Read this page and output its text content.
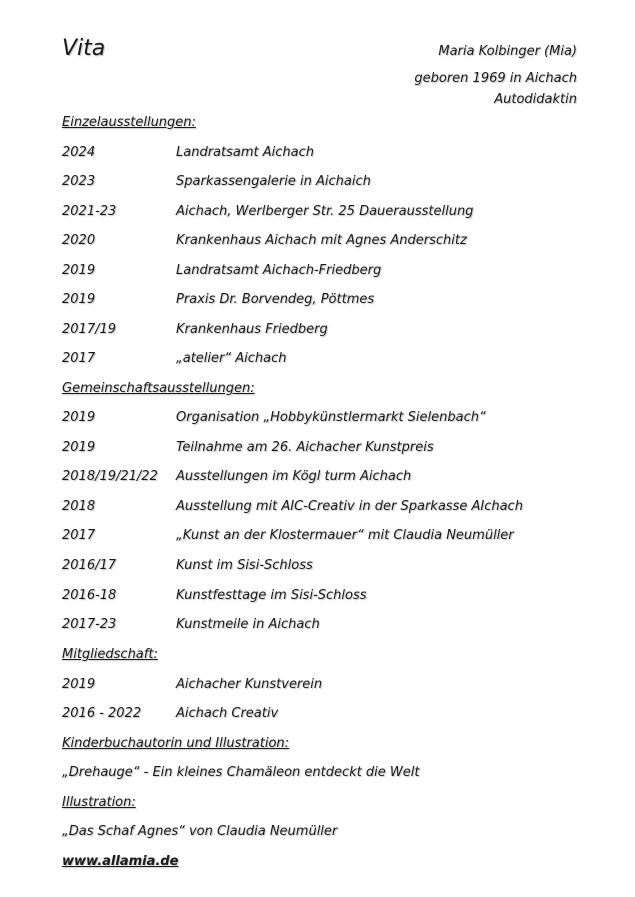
Vita	Maria Kolbinger (Mia)
geboren 1969 in Aichach
Autodidaktin
Einzelausstellungen:
2024	Landratsamt Aichach
2023	Sparkassengalerie in Aichaich
2021-23	Aichach, Werlberger Str. 25 Dauerausstellung
2020	Krankenhaus Aichach mit Agnes Anderschitz
2019	Landratsamt Aichach-Friedberg
2019	Praxis Dr. Borvendeg, Pöttmes
2017/19	Krankenhaus Friedberg
2017	„atelier“ Aichach
Gemeinschaftsausstellungen:
2019	Organisation „Hobbykünstlermarkt Sielenbach“
2019	Teilnahme am 26. Aichacher Kunstpreis
2018/19/21/22 Ausstellungen im Kögl turm Aichach
2018	Ausstellung mit AIC-Creativ in der Sparkasse AIchach
2017	„Kunst an der Klostermauer“ mit Claudia Neumüller
2016/17	Kunst im Sisi-Schloss
2016-18	Kunstfesttage im Sisi-Schloss
2017-23	Kunstmeile in Aichach
Mitgliedschaft:
2019	Aichacher Kunstverein
2016 - 2022	Aichach Creativ
Kinderbuchautorin und Illustration:
„Drehauge“ - Ein kleines Chamäleon entdeckt die Welt
Illustration:
„Das Schaf Agnes“ von Claudia Neumüller
www.allamia.de
